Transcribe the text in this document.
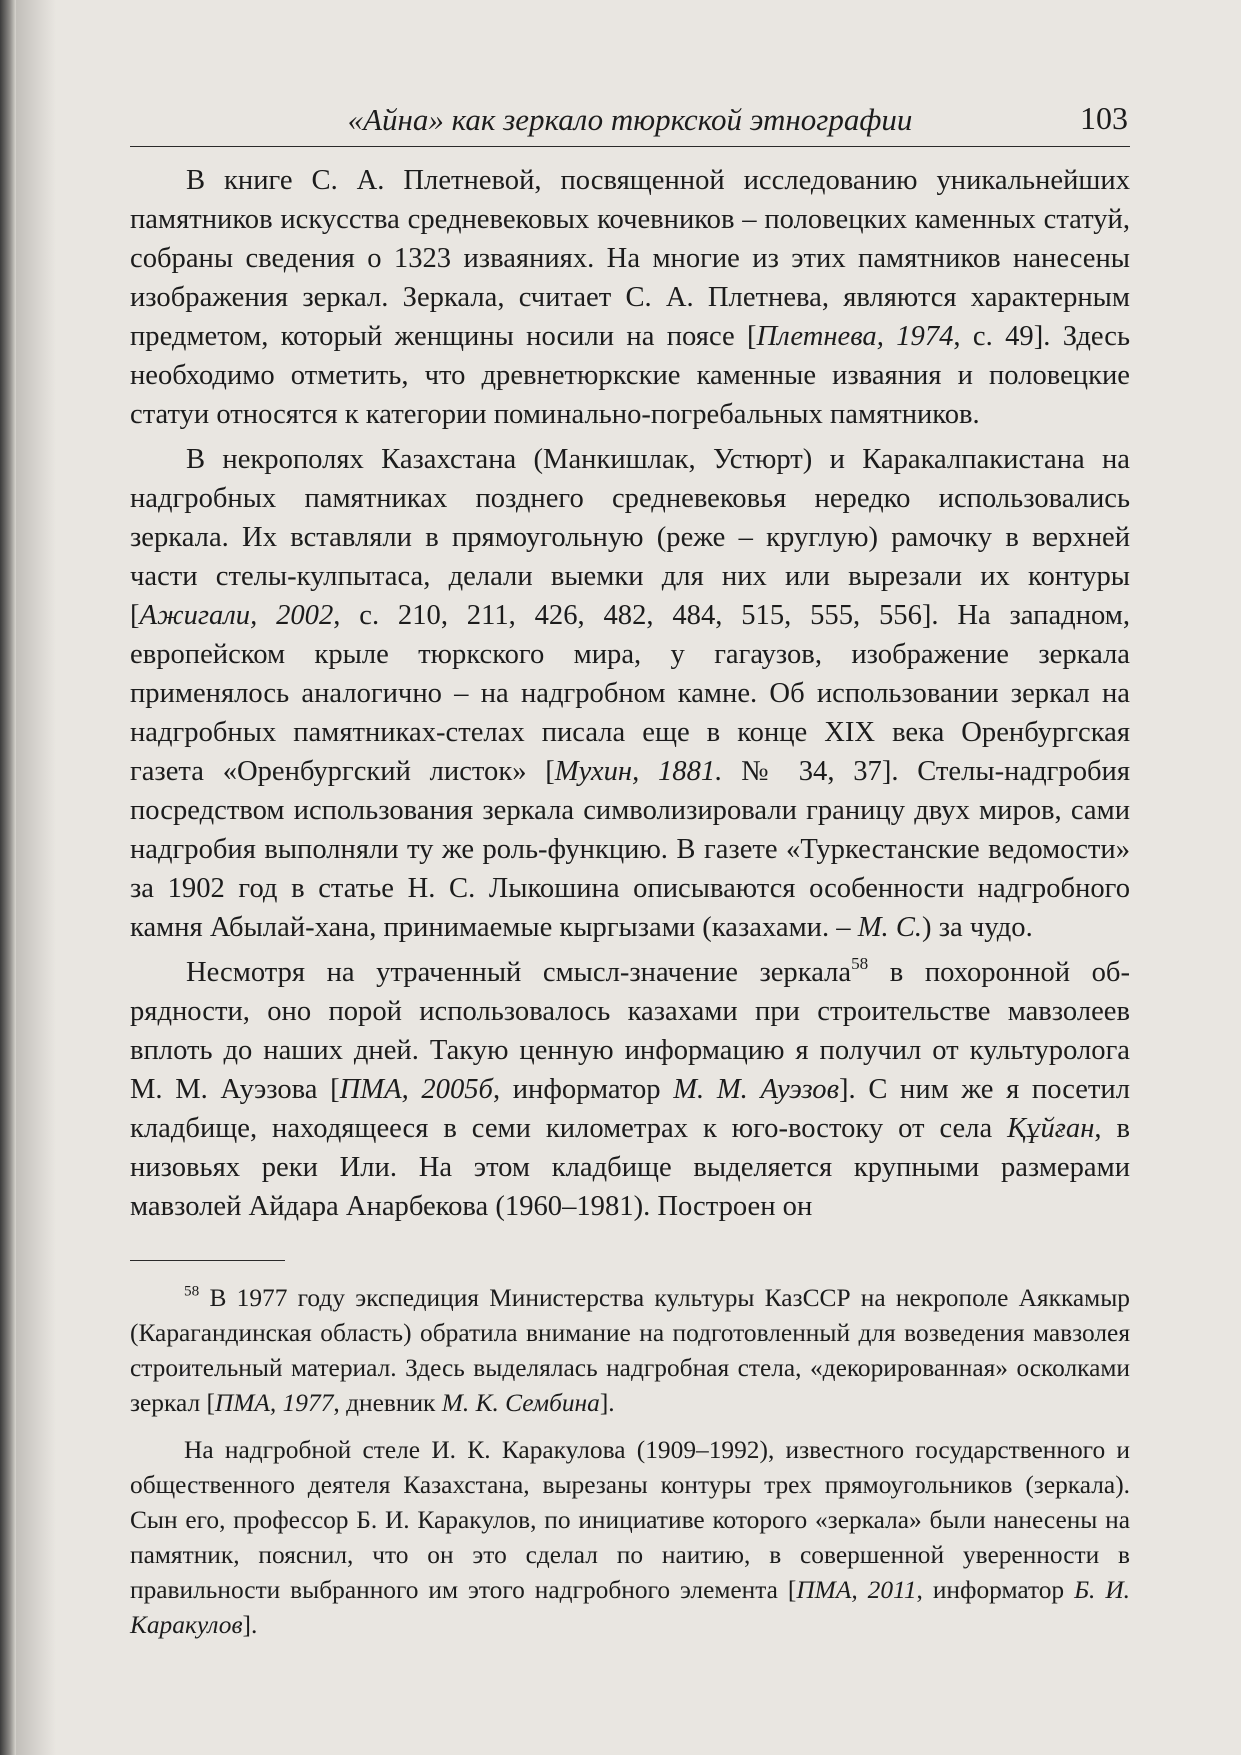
«Айна» как зеркало тюркской этнографии	103

В книге С. А. Плетневой, посвященной исследованию уникальнейших памятников искусства средневековых кочевников – половецких каменных статуй, собраны сведения о 1323 изваяниях. На многие из этих памятников нанесены изображения зеркал. Зеркала, считает С. А. Плетнева, являются характерным предметом, который женщины носили на поясе [Плетнева, 1974, с. 49]. Здесь необходимо отметить, что древнетюркские каменные изваяния и половецкие статуи относятся к категории поминально-погребальных памятников.

В некрополях Казахстана (Манкишлак, Устюрт) и Каракалпакистана на надгробных памятниках позднего средневековья нередко использовались зеркала. Их вставляли в прямоугольную (реже – круглую) рамочку в верхней части стелы-кулпытаса, делали выемки для них или вырезали их контуры [Ажигали, 2002, с. 210, 211, 426, 482, 484, 515, 555, 556]. На западном, европейском крыле тюркского мира, у гагаузов, изображение зеркала применялось аналогично – на надгробном камне. Об использовании зеркал на надгробных памятниках-стелах писала еще в конце XIX века Оренбургская газета «Оренбургский листок» [Мухин, 1881. № 34, 37]. Стелы-надгробия посредством использования зеркала символизировали границу двух миров, сами надгробия выполняли ту же роль-функцию. В газете «Туркестанские ведомости» за 1902 год в статье Н. С. Лыкошина описываются особенности надгробного камня Абылай-хана, принимаемые кыргызами (казахами. – М. С.) за чудо.

Несмотря на утраченный смысл-значение зеркала$^{58}$ в похоронной обрядности, оно порой использовалось казахами при строительстве мавзолеев вплоть до наших дней. Такую ценную информацию я получил от культуролога М. М. Ауэзова [ПМА, 2005б, информатор М. М. Ауэзов]. С ним же я посетил кладбище, находящееся в семи километрах к юго-востоку от села Құйған, в низовьях реки Или. На этом кладбище выделяется крупными размерами мавзолей Айдара Анарбекова (1960–1981). Построен он

$^{58}$ В 1977 году экспедиция Министерства культуры КазССР на некрополе Аяккамыр (Карагандинская область) обратила внимание на подготовленный для возведения мавзолея строительный материал. Здесь выделялась надгробная стела, «декорированная» осколками зеркал [ПМА, 1977, дневник М. К. Сембина].

На надгробной стеле И. К. Каракулова (1909–1992), известного государственного и общественного деятеля Казахстана, вырезаны контуры трех прямоугольников (зеркала). Сын его, профессор Б. И. Каракулов, по инициативе которого «зеркала» были нанесены на памятник, пояснил, что он это сделал по наитию, в совершенной уверенности в правильности выбранного им этого надгробного элемента [ПМА, 2011, информатор Б. И. Каракулов].
